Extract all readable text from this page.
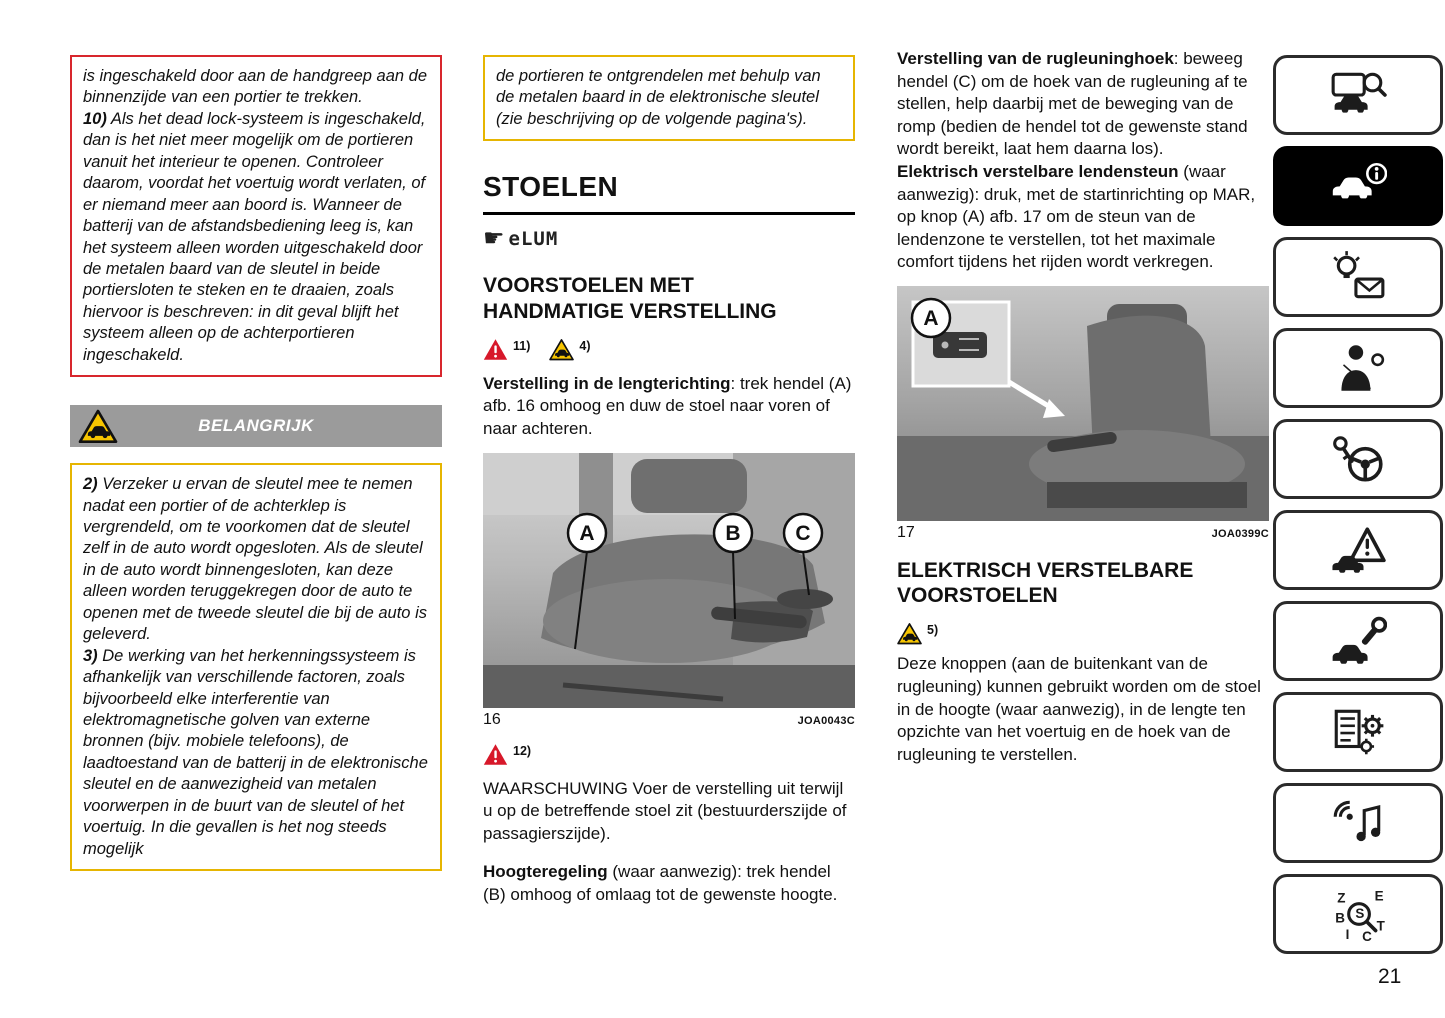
is ingeschakeld door aan de handgreep aan de binnenzijde van een portier te trekken.

10) Als het dead lock-systeem is ingeschakeld, dan is het niet meer mogelijk om de portieren vanuit het interieur te openen. Controleer daarom, voordat het voertuig wordt verlaten, of er niemand meer aan boord is. Wanneer de batterij van de afstandsbediening leeg is, kan het systeem alleen worden uitgeschakeld door de metalen baard van de sleutel in beide portiersloten te steken en te draaien, zoals hiervoor is beschreven: in dit geval blijft het systeem alleen op de achterportieren ingeschakeld.

BELANGRIJK

2) Verzeker u ervan de sleutel mee te nemen nadat een portier of de achterklep is vergrendeld, om te voorkomen dat de sleutel zelf in de auto wordt opgesloten. Als de sleutel in de auto wordt binnengesloten, kan deze alleen worden teruggekregen door de auto te openen met de tweede sleutel die bij de auto is geleverd.

3) De werking van het herkenningssysteem is afhankelijk van verschillende factoren, zoals bijvoorbeeld elke interferentie van elektromagnetische golven van externe bronnen (bijv. mobiele telefoons), de laadtoestand van de batterij in de elektronische sleutel en de aanwezigheid van metalen voorwerpen in de buurt van de sleutel of het voertuig. In die gevallen is het nog steeds mogelijk

de portieren te ontgrendelen met behulp van de metalen baard in de elektronische sleutel (zie beschrijving op de volgende pagina's).

STOELEN
☛ eLUM
VOORSTOELEN MET HANDMATIGE VERSTELLING
11)	4)

Verstelling in de lengterichting: trek hendel (A) afb. 16 omhoog en duw de stoel naar voren of naar achteren.

A	B	C
16	JOA0043C
12)

WAARSCHUWING Voer de verstelling uit terwijl u op de betreffende stoel zit (bestuurderszijde of passagierszijde).

Hoogteregeling (waar aanwezig): trek hendel (B) omhoog of omlaag tot de gewenste hoogte.

Verstelling van de rugleuninghoek: beweeg hendel (C) om de hoek van de rugleuning af te stellen, help daarbij met de beweging van de romp (bedien de hendel tot de gewenste stand wordt bereikt, laat hem daarna los).

Elektrisch verstelbare lendensteun (waar aanwezig): druk, met de startinrichting op MAR, op knop (A) afb. 17 om de steun van de lendenzone te verstellen, tot het maximale comfort tijdens het rijden wordt verkregen.

A
17	JOA0399C
ELEKTRISCH VERSTELBARE VOORSTOELEN
5)

Deze knoppen (aan de buitenkant van de rugleuning) kunnen gebruikt worden om de stoel in de hoogte (waar aanwezig), in de lengte ten opzichte van het voertuig en de hoek van de rugleuning te verstellen.

Z E
B
I C
T
S
21
